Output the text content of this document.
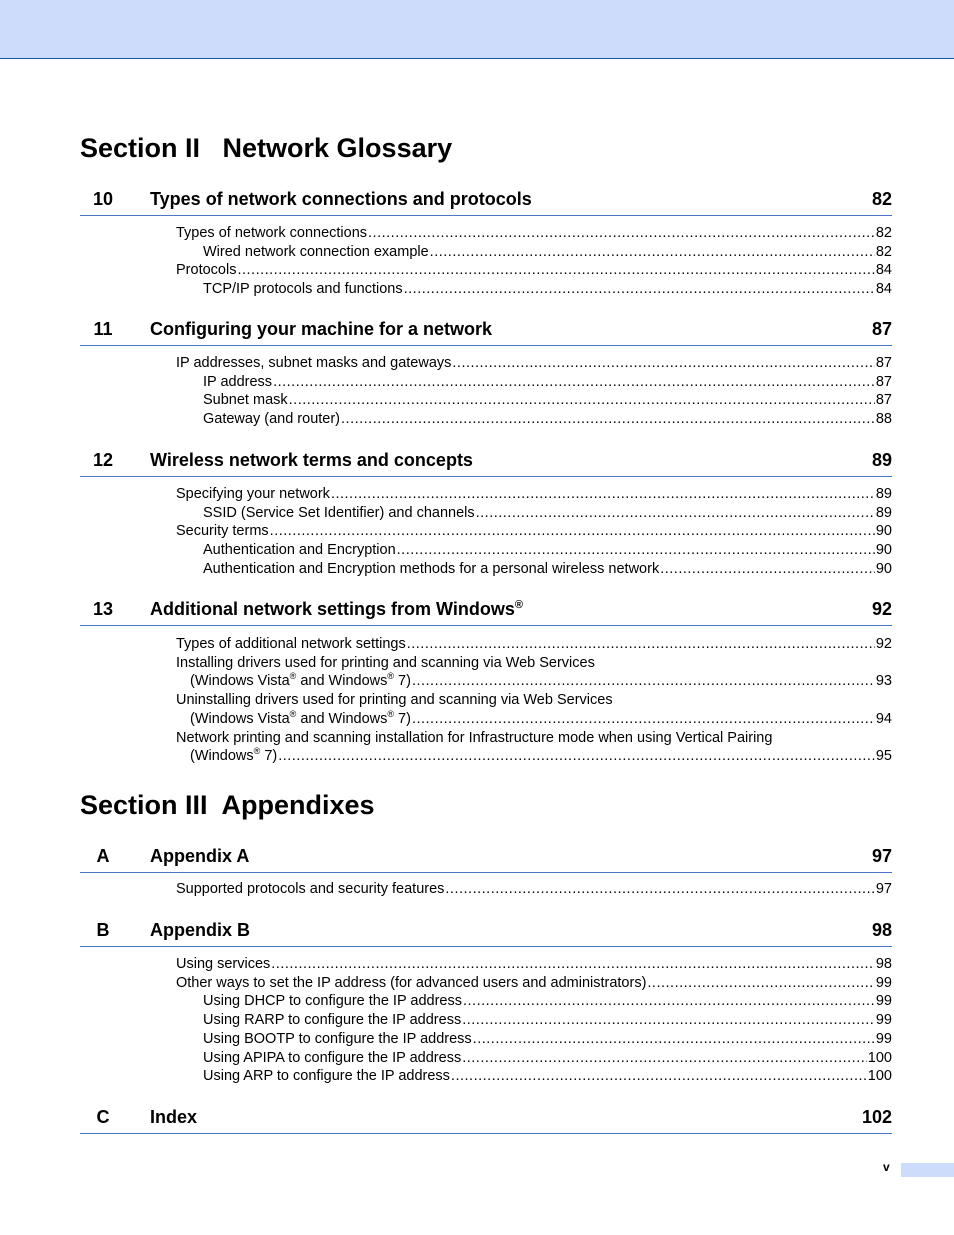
Section II   Network Glossary
10	Types of network connections and protocols	82
Types of network connections .....	82
Wired network connection example .....	82
Protocols .....	84
TCP/IP protocols and functions .....	84
11	Configuring your machine for a network	87
IP addresses, subnet masks and gateways .....	87
IP address .....	87
Subnet mask .....	87
Gateway (and router) .....	88
12	Wireless network terms and concepts	89
Specifying your network .....	89
SSID (Service Set Identifier) and channels .....	89
Security terms .....	90
Authentication and Encryption .....	90
Authentication and Encryption methods for a personal wireless network .....	90
13	Additional network settings from Windows®	92
Types of additional network settings .....	92
Installing drivers used for printing and scanning via Web Services
(Windows Vista® and Windows® 7) .....	93
Uninstalling drivers used for printing and scanning via Web Services
(Windows Vista® and Windows® 7) .....	94
Network printing and scanning installation for Infrastructure mode when using Vertical Pairing
(Windows® 7) .....	95
Section III  Appendixes
A	Appendix A	97
Supported protocols and security features .....	97
B	Appendix B	98
Using services .....	98
Other ways to set the IP address (for advanced users and administrators) .....	99
Using DHCP to configure the IP address .....	99
Using RARP to configure the IP address .....	99
Using BOOTP to configure the IP address .....	99
Using APIPA to configure the IP address .....	100
Using ARP to configure the IP address .....	100
C	Index	102
v
